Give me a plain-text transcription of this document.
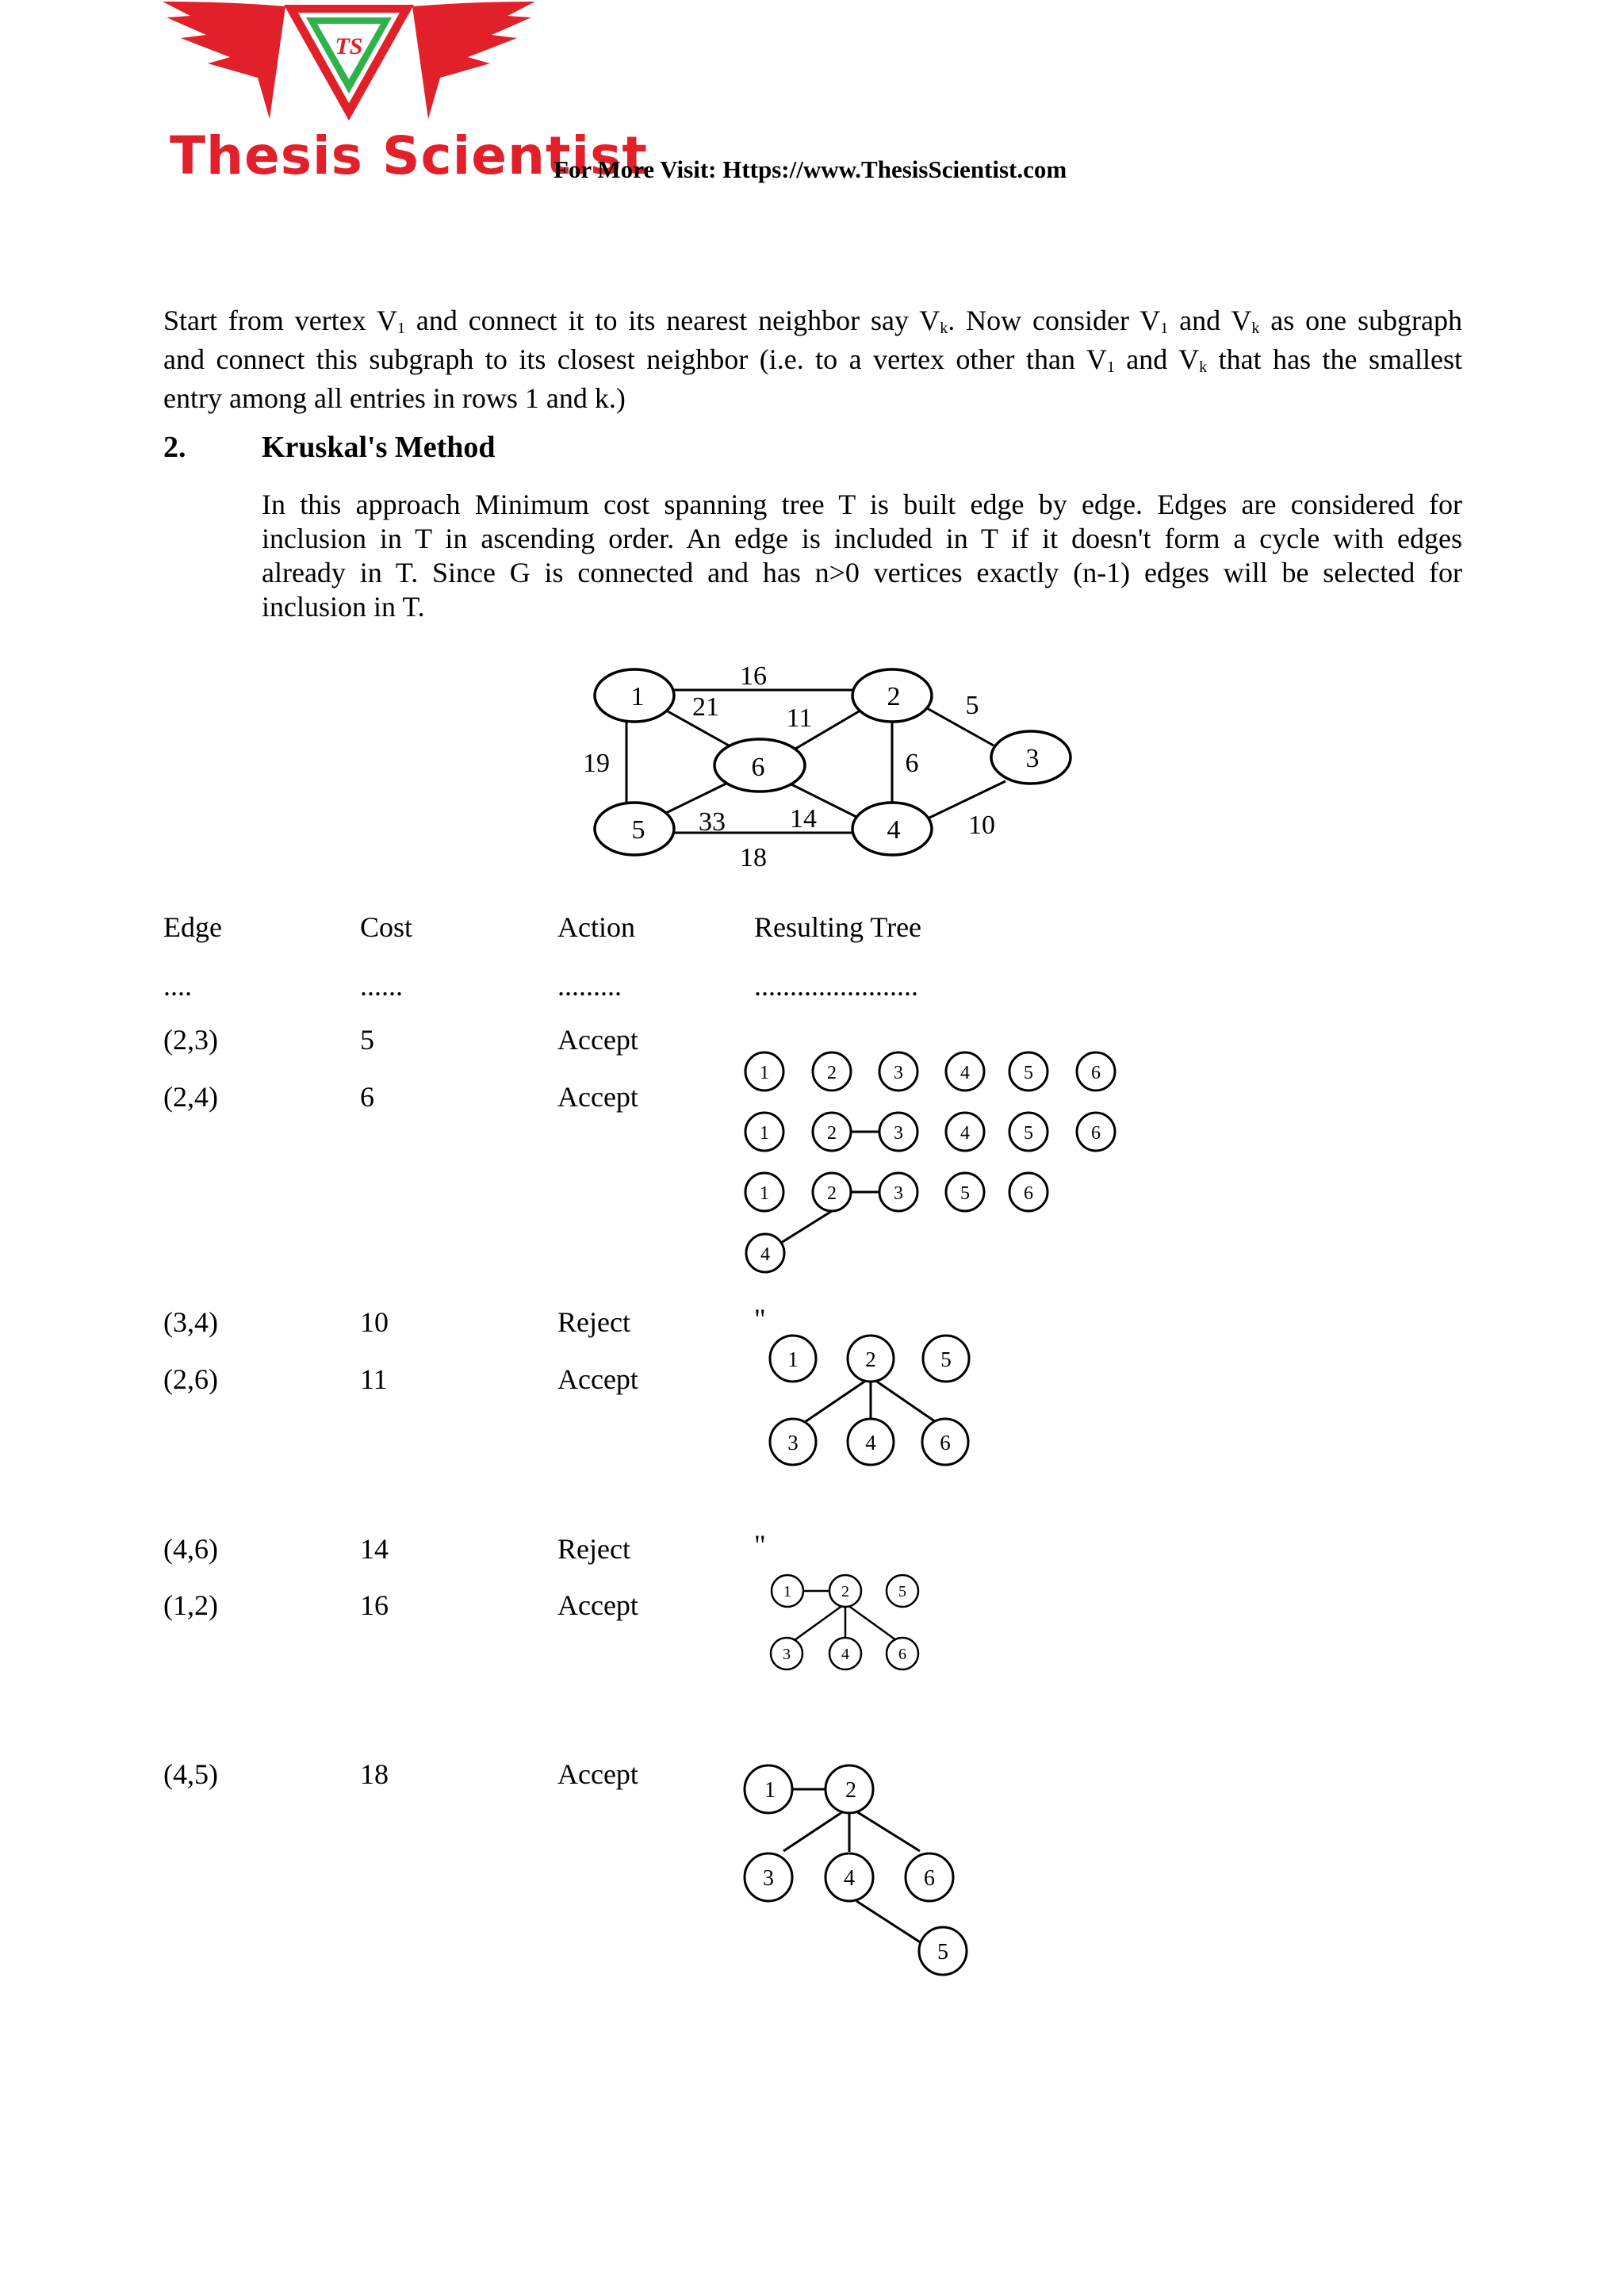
TS
Thesis Scientist
For More Visit: Https://www.ThesisScientist.com
Start from vertex V1 and connect it to its nearest neighbor say Vk. Now consider V1 and Vk as one subgraph
and connect this subgraph to its closest neighbor (i.e. to a vertex other than V1 and Vk that has the smallest
entry among all entries in rows 1 and k.)
2.	Kruskal's Method
In this approach Minimum cost spanning tree T is built edge by edge. Edges are considered for
inclusion in T in ascending order. An edge is included in T if it doesn't form a cycle with edges
already in T. Since G is connected and has n>0 vertices exactly (n-1) edges will be selected for
inclusion in T.
1	2
3
6
5	4
16
21
19
11	5
6
10
33 14
18
Edge	Cost	Action	Resulting Tree
....	......	.........	.......................
(2,3)	5	Accept
(2,4)	6	Accept
(3,4)	10	Reject
(2,6)	11	Accept
(4,6)	14	Reject
(1,2)	16	Accept
(4,5)	18	Accept
"
"
1	2	3	4	5	6
1	2	3	4	5	6
1	2	3	5	6
4
1	2	5
3	4	6
1	2	5
3	4	6
1	2
3	4	6
5
